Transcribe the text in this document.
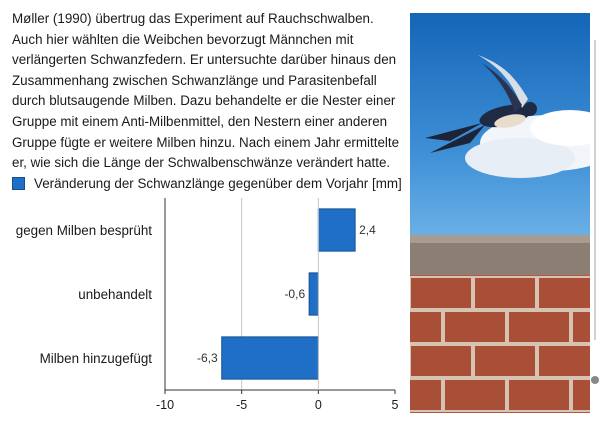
Møller (1990) übertrug das Experiment auf Rauchschwalben. Auch hier wählten die Weibchen bevorzugt Männchen mit verlängerten Schwanzfedern. Er untersuchte darüber hinaus den Zusammenhang zwischen Schwanzlänge und Parasitenbefall durch blutsaugende Milben. Dazu behandelte er die Nester einer Gruppe mit einem Anti-Milbenmittel, den Nestern einer anderen Gruppe fügte er weitere Milben hinzu. Nach einem Jahr ermittelte er, wie sich die Länge der Schwalbenschwänze verändert hatte.

Veränderung der Schwanzlänge gegenüber dem Vorjahr [mm]
2,4
gegen Milben besprüht
-0,6
unbehandelt
-6,3
Milben hinzugefügt
-10	-5	0	5
